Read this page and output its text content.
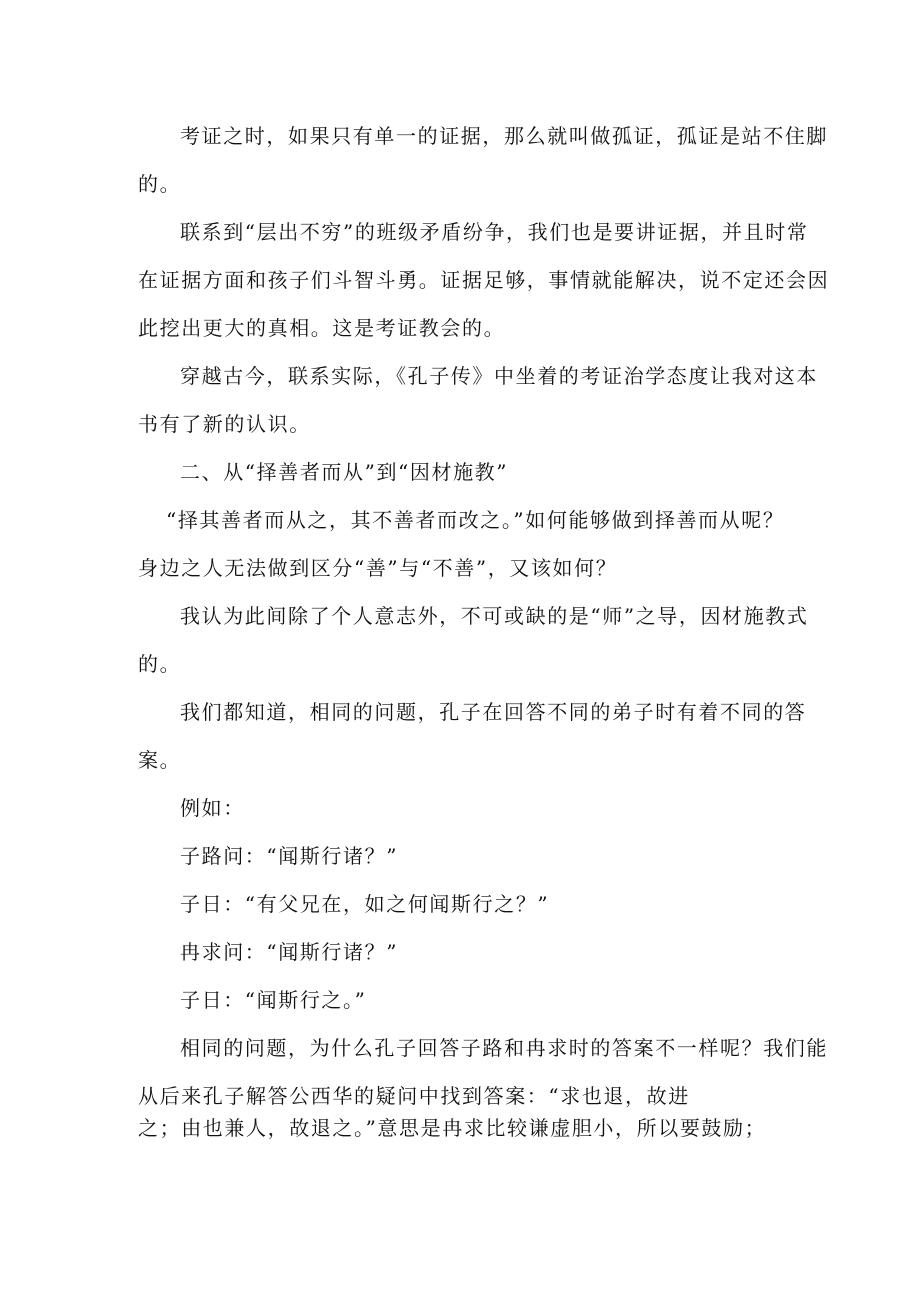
考证之时，如果只有单一的证据，那么就叫做孤证，孤证是站不住脚
的。
联系到“层出不穷”的班级矛盾纷争，我们也是要讲证据，并且时常
在证据方面和孩子们斗智斗勇。证据足够，事情就能解决，说不定还会因
此挖出更大的真相。这是考证教会的。
穿越古今，联系实际，《孔子传》中坐着的考证治学态度让我对这本
书有了新的认识。
二、从“择善者而从”到“因材施教”
“择其善者而从之，其不善者而改之。”如何能够做到择善而从呢？
身边之人无法做到区分“善”与“不善”，又该如何？
我认为此间除了个人意志外，不可或缺的是“师”之导，因材施教式
的。
我们都知道，相同的问题，孔子在回答不同的弟子时有着不同的答
案。
例如：
子路问：“闻斯行诸？”
子日：“有父兄在，如之何闻斯行之？”
冉求问：“闻斯行诸？”
子日：“闻斯行之。”
相同的问题，为什么孔子回答子路和冉求时的答案不一样呢？我们能
从后来孔子解答公西华的疑问中找到答案：“求也退，故进
之；由也兼人，故退之。”意思是冉求比较谦虚胆小，所以要鼓励；
